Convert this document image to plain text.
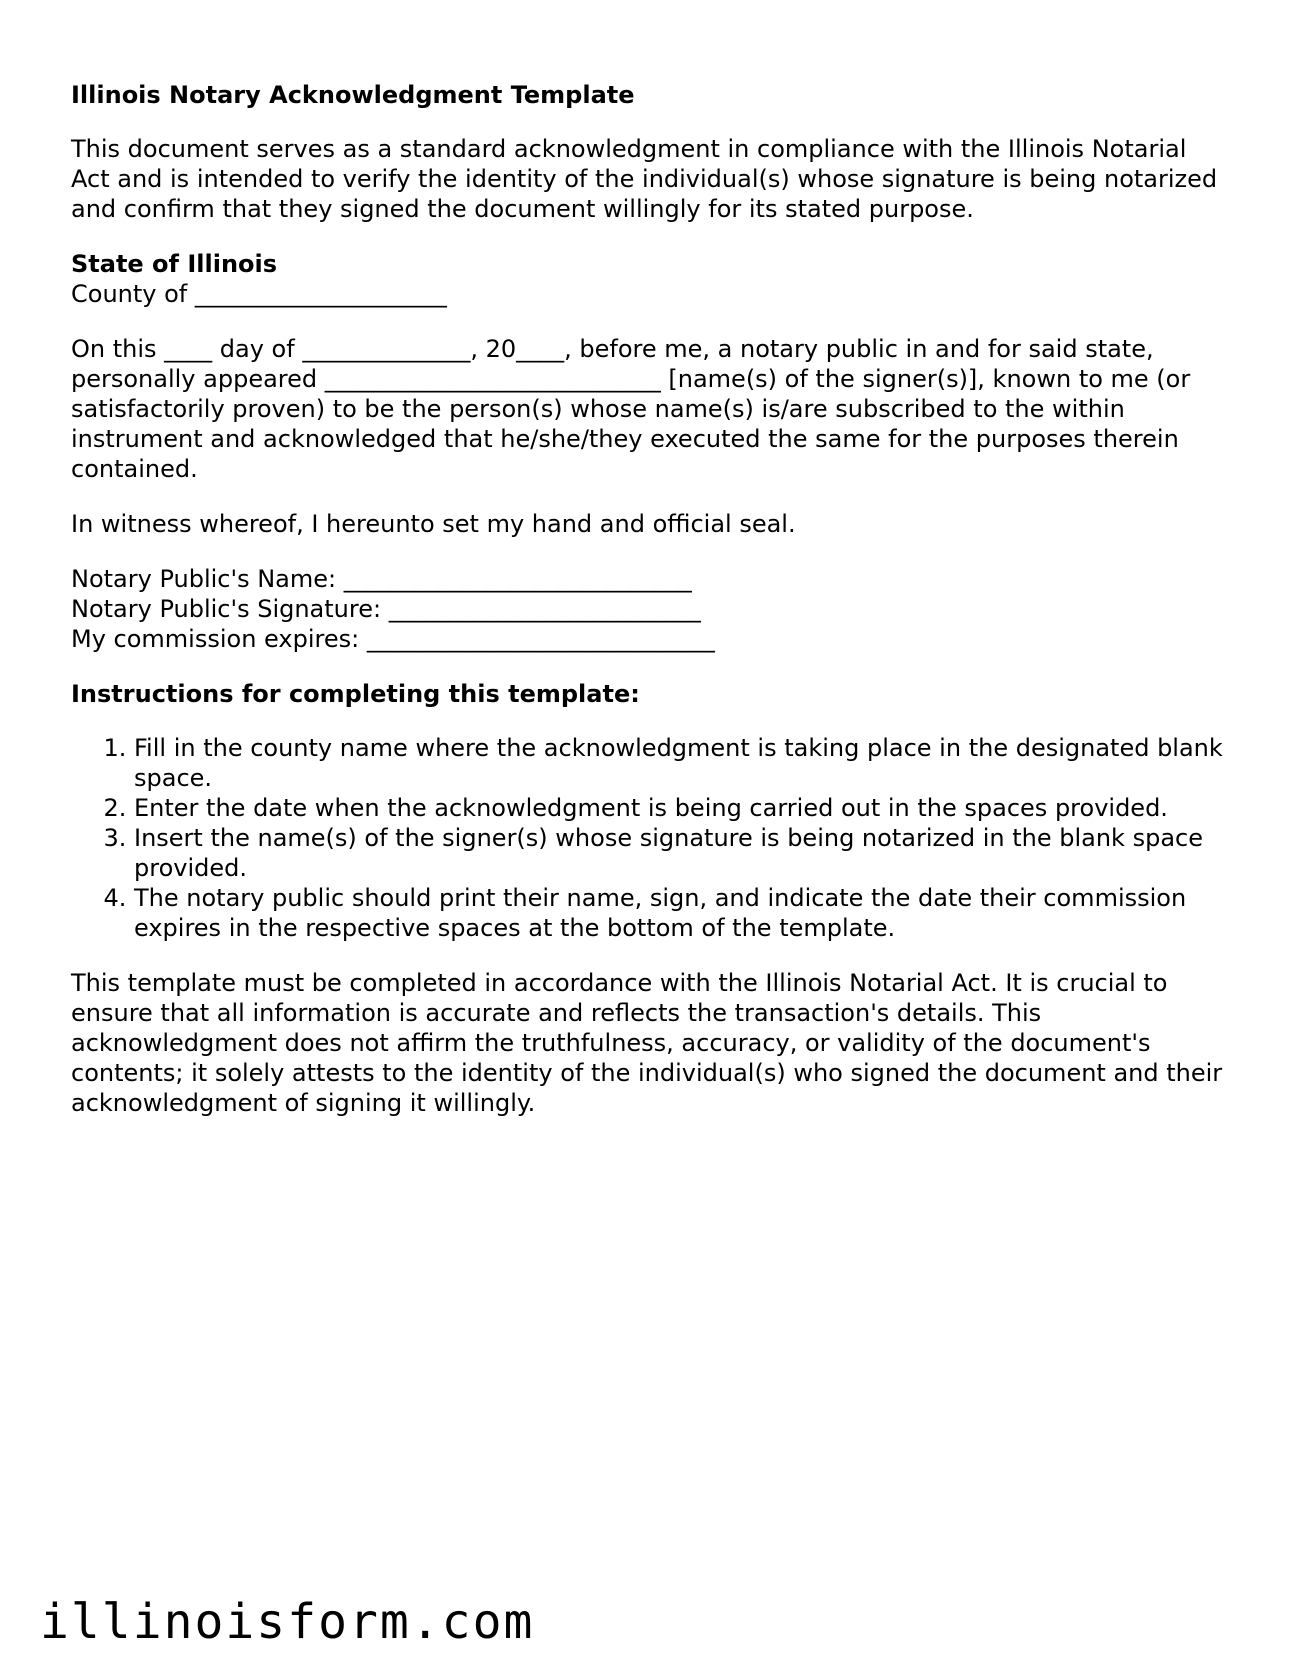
Illinois Notary Acknowledgment Template

This document serves as a standard acknowledgment in compliance with the Illinois Notarial Act and is intended to verify the identity of the individual(s) whose signature is being notarized and confirm that they signed the document willingly for its stated purpose.

State of Illinois
County of _____________________

On this ____ day of ______________, 20____, before me, a notary public in and for said state, personally appeared ____________________________ [name(s) of the signer(s)], known to me (or satisfactorily proven) to be the person(s) whose name(s) is/are subscribed to the within instrument and acknowledged that he/she/they executed the same for the purposes therein contained.

In witness whereof, I hereunto set my hand and official seal.

Notary Public's Name: _____________________________
Notary Public's Signature: __________________________
My commission expires: _____________________________
Instructions for completing this template:
1. Fill in the county name where the acknowledgment is taking place in the designated blank space.
2. Enter the date when the acknowledgment is being carried out in the spaces provided.
3. Insert the name(s) of the signer(s) whose signature is being notarized in the blank space provided.
4. The notary public should print their name, sign, and indicate the date their commission expires in the respective spaces at the bottom of the template.

This template must be completed in accordance with the Illinois Notarial Act. It is crucial to ensure that all information is accurate and reflects the transaction's details. This acknowledgment does not affirm the truthfulness, accuracy, or validity of the document's contents; it solely attests to the identity of the individual(s) who signed the document and their acknowledgment of signing it willingly.

illinoisform.com
